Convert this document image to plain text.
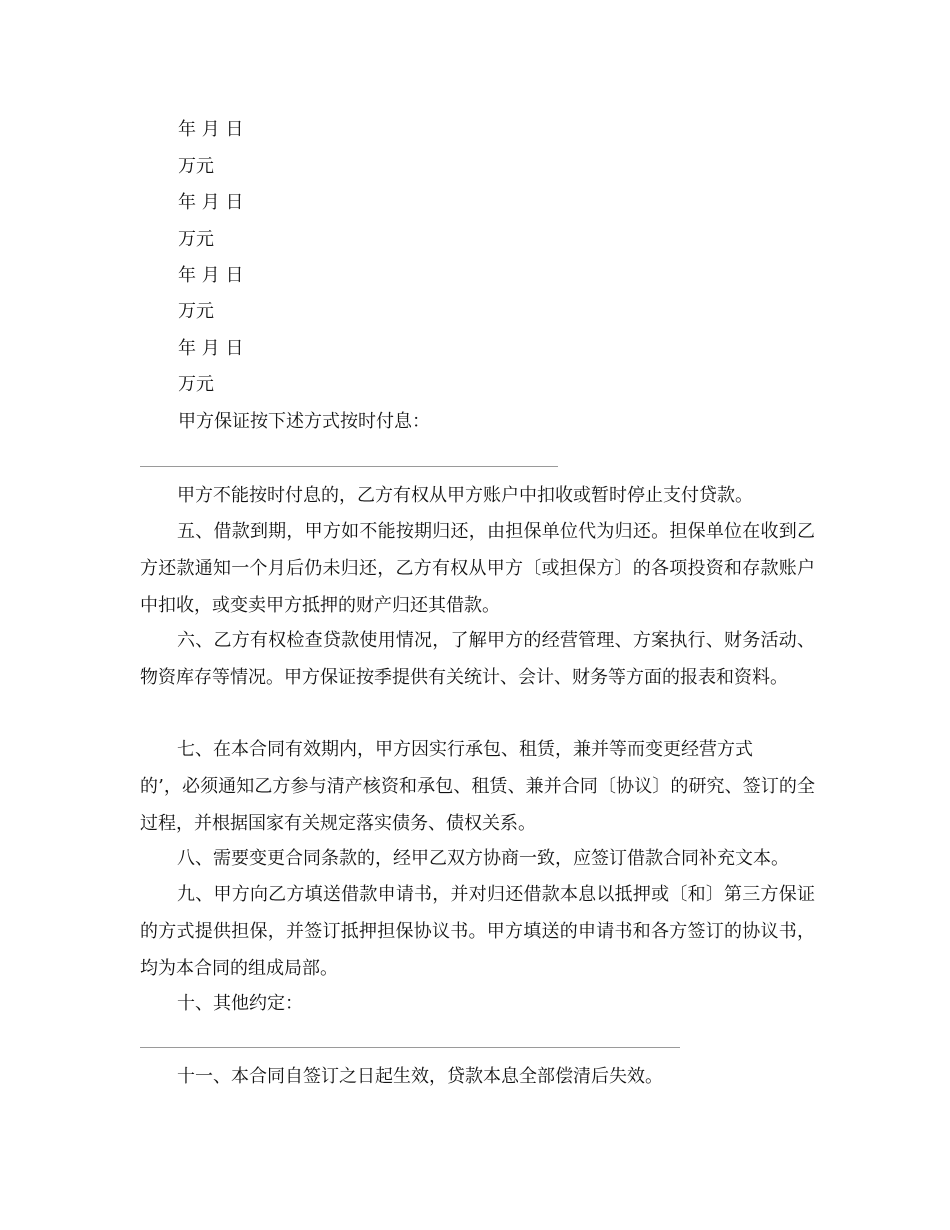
年 月 日
万元
年 月 日
万元
年 月 日
万元
年 月 日
万元
甲方保证按下述方式按时付息：

甲方不能按时付息的，乙方有权从甲方账户中扣收或暂时停止支付贷款。

五、借款到期，甲方如不能按期归还，由担保单位代为归还。担保单位在收到乙方还款通知一个月后仍未归还，乙方有权从甲方〔或担保方〕的各项投资和存款账户中扣收，或变卖甲方抵押的财产归还其借款。

六、乙方有权检查贷款使用情况，了解甲方的经营管理、方案执行、财务活动、物资库存等情况。甲方保证按季提供有关统计、会计、财务等方面的报表和资料。

七、在本合同有效期内，甲方因实行承包、租赁，兼并等而变更经营方式
的’，必须通知乙方参与清产核资和承包、租赁、兼并合同〔协议〕的研究、签订的全过程，并根据国家有关规定落实债务、债权关系。

八、需要变更合同条款的，经甲乙双方协商一致，应签订借款合同补充文本。

九、甲方向乙方填送借款申请书，并对归还借款本息以抵押或〔和〕第三方保证的方式提供担保，并签订抵押担保协议书。甲方填送的申请书和各方签订的协议书，均为本合同的组成局部。

十、其他约定：

十一、本合同自签订之日起生效，贷款本息全部偿清后失效。
